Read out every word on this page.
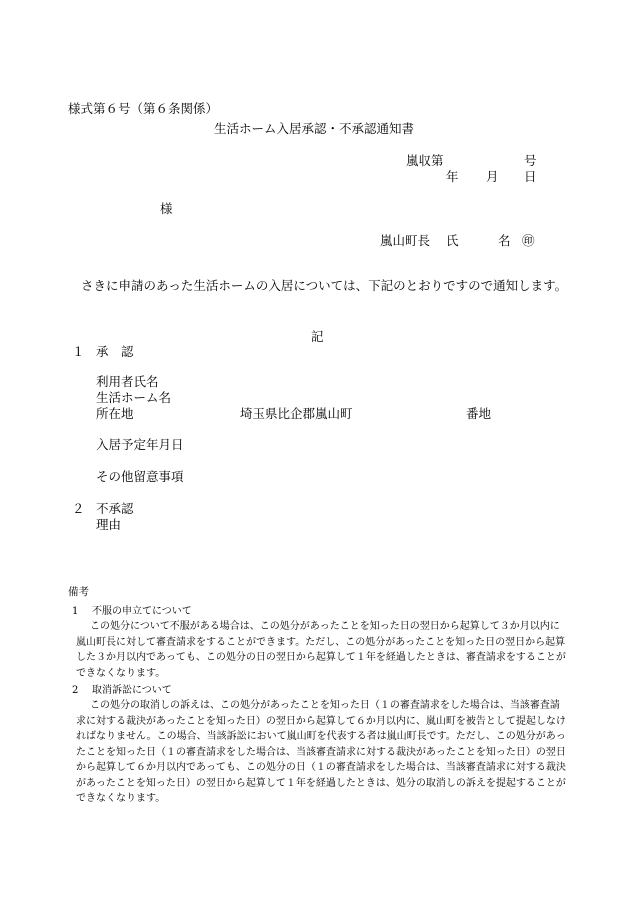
様式第６号（第６条関係）
生活ホーム入居承認・不承認通知書
嵐収第	号
年 月 日
様
嵐山町長 氏	名 ㊞
さきに申請のあった生活ホームの入居については、下記のとおりですので通知します。
記
１ 承　認
利用者氏名
生活ホーム名
所在地	埼玉県比企郡嵐山町	番地
入居予定年月日
その他留意事項
２ 不承認
理由
備考
1 不服の申立てについて
この処分について不服がある場合は、この処分があったことを知った日の翌日から起算して３か月以内に嵐山町長に対して審査請求をすることができます。ただし、この処分があったことを知った日の翌日から起算した３か月以内であっても、この処分の日の翌日から起算して１年を経過したときは、審査請求をすることができなくなります。
2 取消訴訟について
この処分の取消しの訴えは、この処分があったことを知った日（１の審査請求をした場合は、当該審査請求に対する裁決があったことを知った日）の翌日から起算して６か月以内に、嵐山町を被告として提起しなければなりません。この場合、当該訴訟において嵐山町を代表する者は嵐山町長です。ただし、この処分があったことを知った日（１の審査請求をした場合は、当該審査請求に対する裁決があったことを知った日）の翌日から起算して６か月以内であっても、この処分の日（１の審査請求をした場合は、当該審査請求に対する裁決があったことを知った日）の翌日から起算して１年を経過したときは、処分の取消しの訴えを提起することができなくなります。
